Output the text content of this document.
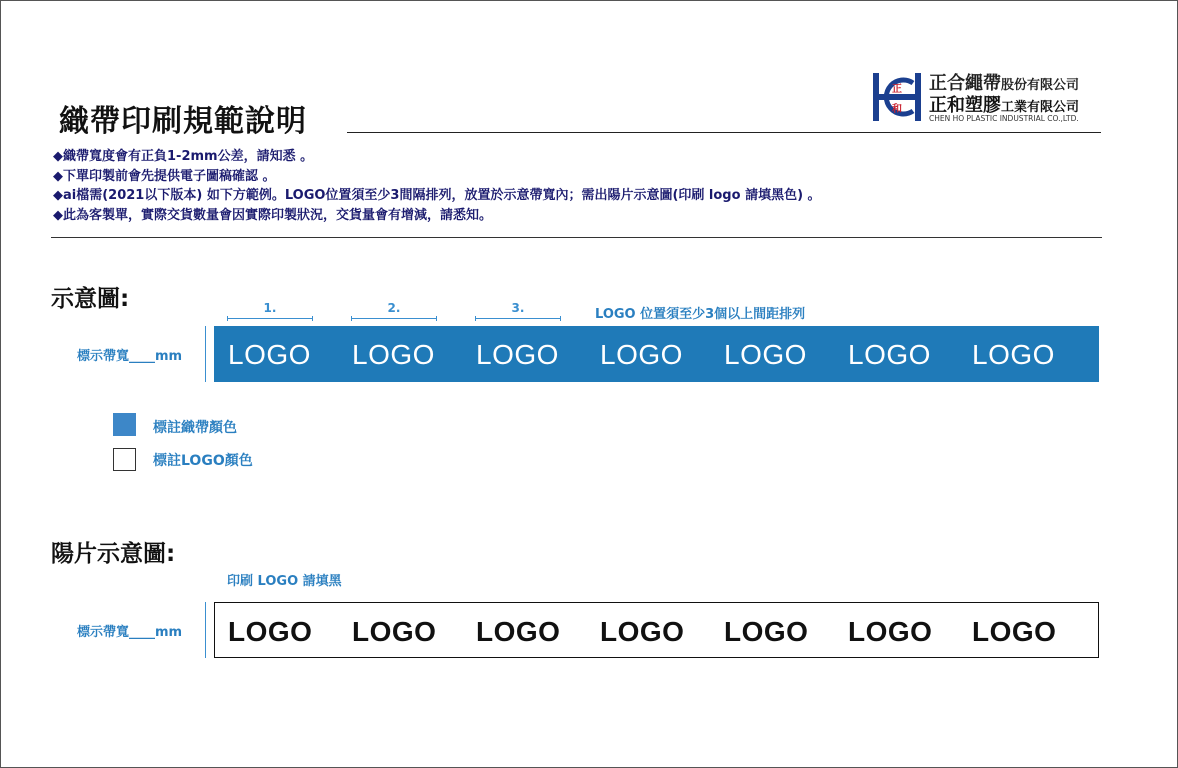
織帶印刷規範說明
正
和
正合繩帶股份有限公司
正和塑膠工業有限公司
CHEN HO PLASTIC INDUSTRIAL CO.,LTD.
◆織帶寬度會有正負1-2mm公差，請知悉 。
◆下單印製前會先提供電子圖稿確認 。
◆ai檔需(2021以下版本) 如下方範例。LOGO位置須至少3間隔排列，放置於示意帶寬內；需出陽片示意圖(印刷 logo 請填黑色) 。
◆此為客製單，實際交貨數量會因實際印製狀況，交貨量會有增減，請悉知。
示意圖:	1.	2.	3.	LOGO 位置須至少3個以上間距排列
標示帶寬____mm LOGO LOGO LOGO LOGO LOGO LOGO LOGO
標註織帶顏色
標註LOGO顏色
陽片示意圖:
印刷 LOGO 請填黑
標示帶寬____mm LOGO LOGO LOGO LOGO LOGO LOGO LOGO
